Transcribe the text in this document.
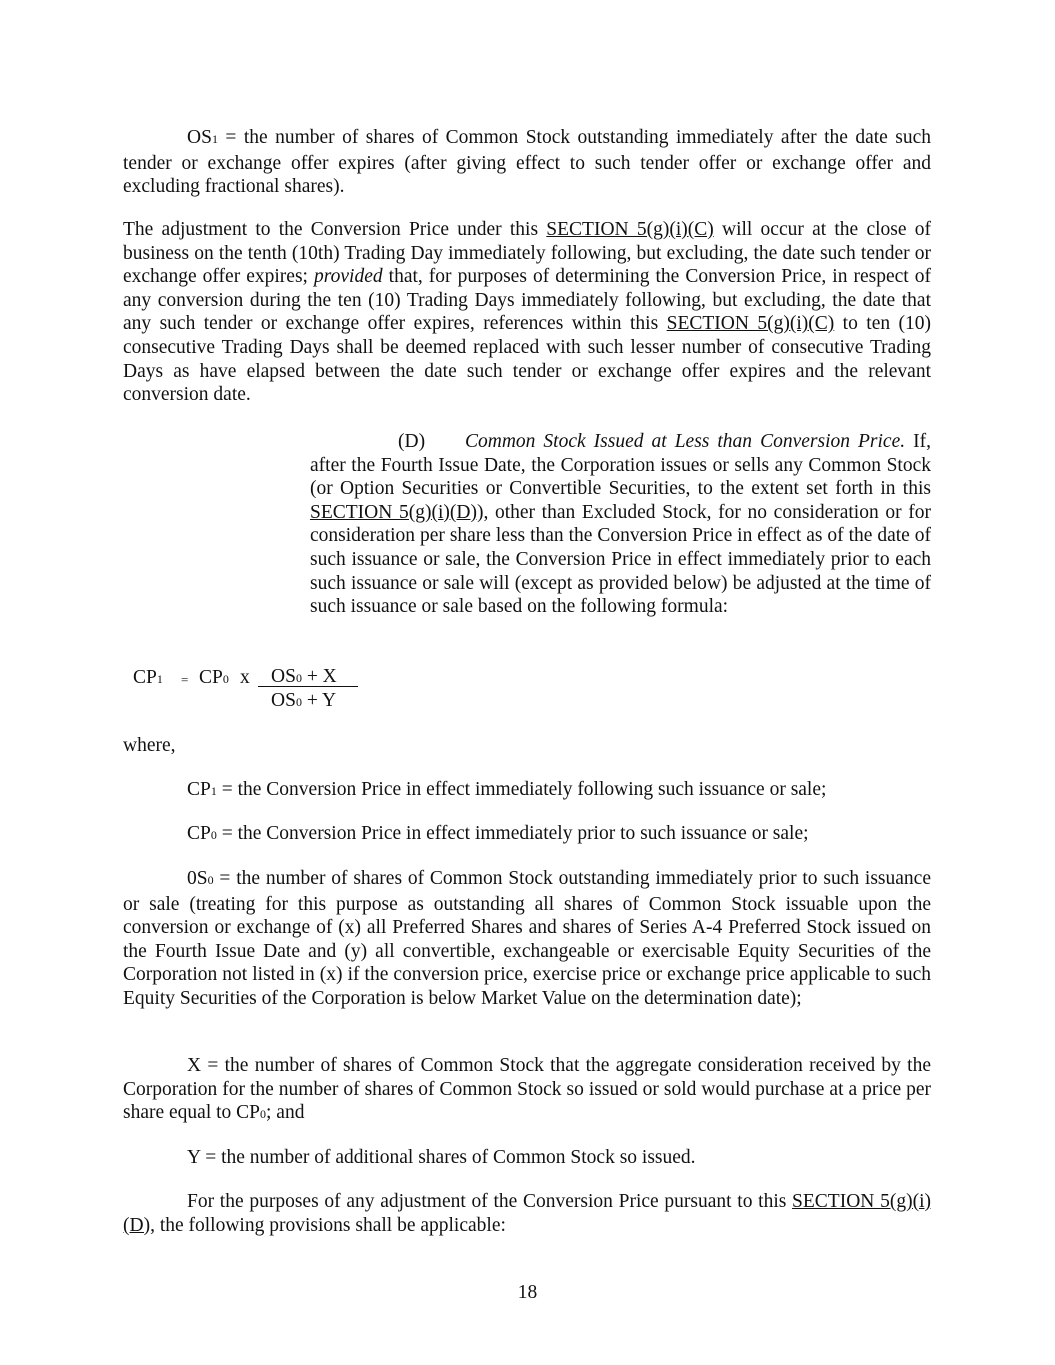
OS1 = the number of shares of Common Stock outstanding immediately after the date such tender or exchange offer expires (after giving effect to such tender offer or exchange offer and excluding fractional shares).

The adjustment to the Conversion Price under this SECTION 5(g)(i)(C) will occur at the close of business on the tenth (10th) Trading Day immediately following, but excluding, the date such tender or exchange offer expires; provided that, for purposes of determining the Conversion Price, in respect of any conversion during the ten (10) Trading Days immediately following, but excluding, the date that any such tender or exchange offer expires, references within this SECTION 5(g)(i)(C) to ten (10) consecutive Trading Days shall be deemed replaced with such lesser number of consecutive Trading Days as have elapsed between the date such tender or exchange offer expires and the relevant conversion date.

(D) Common Stock Issued at Less than Conversion Price. If, after the Fourth Issue Date, the Corporation issues or sells any Common Stock (or Option Securities or Convertible Securities, to the extent set forth in this SECTION 5(g)(i)(D)), other than Excluded Stock, for no consideration or for consideration per share less than the Conversion Price in effect as of the date of such issuance or sale, the Conversion Price in effect immediately prior to each such issuance or sale will (except as provided below) be adjusted at the time of such issuance or sale based on the following formula:

CP1 = CP0 x OS0 + X
OS0 + Y
where,

CP1 = the Conversion Price in effect immediately following such issuance or sale;

CP0 = the Conversion Price in effect immediately prior to such issuance or sale;

0S0 = the number of shares of Common Stock outstanding immediately prior to such issuance or sale (treating for this purpose as outstanding all shares of Common Stock issuable upon the conversion or exchange of (x) all Preferred Shares and shares of Series A-4 Preferred Stock issued on the Fourth Issue Date and (y) all convertible, exchangeable or exercisable Equity Securities of the Corporation not listed in (x) if the conversion price, exercise price or exchange price applicable to such Equity Securities of the Corporation is below Market Value on the determination date);

X = the number of shares of Common Stock that the aggregate consideration received by the Corporation for the number of shares of Common Stock so issued or sold would purchase at a price per share equal to CP0; and

Y = the number of additional shares of Common Stock so issued.

For the purposes of any adjustment of the Conversion Price pursuant to this SECTION 5(g)(i)(D), the following provisions shall be applicable:

18
